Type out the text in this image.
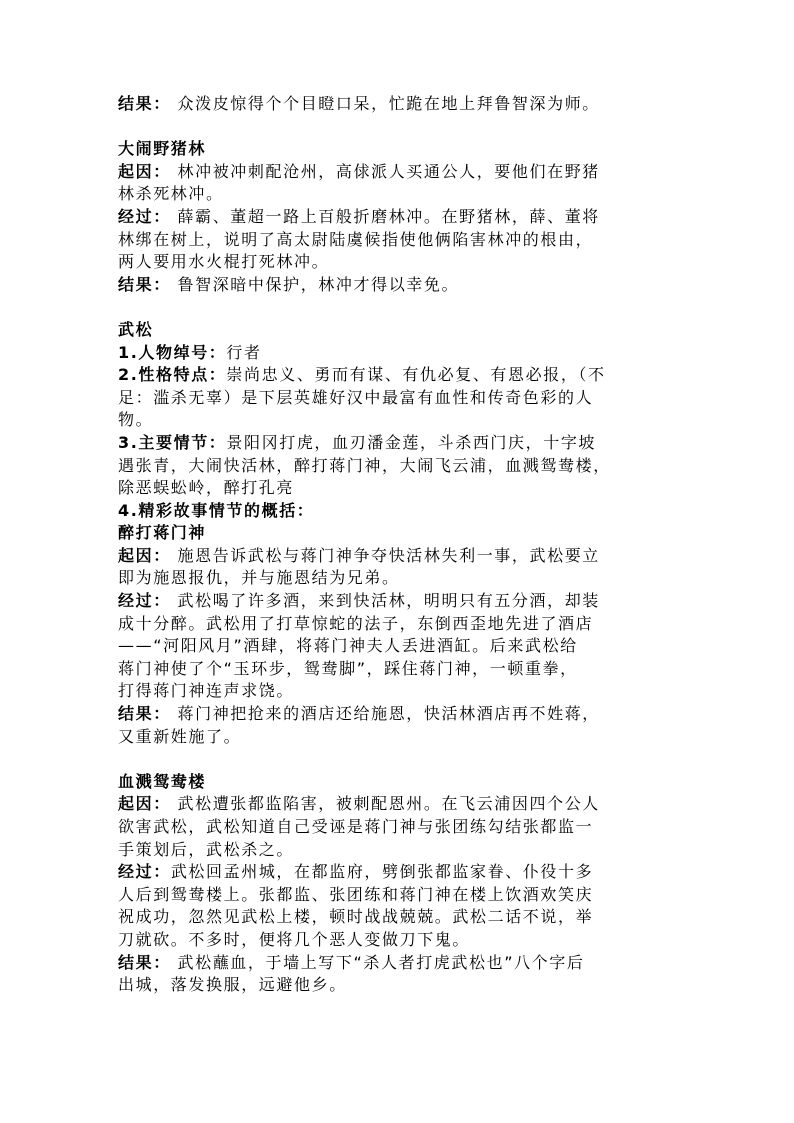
结果： 众泼皮惊得个个目瞪口呆，忙跪在地上拜鲁智深为师。
大闹野猪林
起因： 林冲被冲刺配沧州，高俅派人买通公人，要他们在野猪
林杀死林冲。
经过： 薛霸、董超一路上百般折磨林冲。在野猪林，薛、董将
林绑在树上，说明了高太尉陆虞候指使他俩陷害林冲的根由，
两人要用水火棍打死林冲。
结果： 鲁智深暗中保护，林冲才得以幸免。
武松
1.人物绰号：行者
2.性格特点：崇尚忠义、勇而有谋、有仇必复、有恩必报，（不
足：滥杀无辜）是下层英雄好汉中最富有血性和传奇色彩的人
物。
3.主要情节：景阳冈打虎，血刃潘金莲，斗杀西门庆，十字坡
遇张青，大闹快活林，醉打蒋门神，大闹飞云浦，血溅鸳鸯楼，
除恶蜈蚣岭，醉打孔亮
4.精彩故事情节的概括：
醉打蒋门神
起因： 施恩告诉武松与蒋门神争夺快活林失利一事，武松要立
即为施恩报仇，并与施恩结为兄弟。
经过： 武松喝了许多酒，来到快活林，明明只有五分酒，却装
成十分醉。武松用了打草惊蛇的法子，东倒西歪地先进了酒店
——“河阳风月”酒肆，将蒋门神夫人丢进酒缸。后来武松给
蒋门神使了个“玉环步，鸳鸯脚”，踩住蒋门神，一顿重拳，
打得蒋门神连声求饶。
结果： 蒋门神把抢来的酒店还给施恩，快活林酒店再不姓蒋，
又重新姓施了。
血溅鸳鸯楼
起因： 武松遭张都监陷害，被刺配恩州。在飞云浦因四个公人
欲害武松，武松知道自己受诬是蒋门神与张团练勾结张都监一
手策划后，武松杀之。
经过：武松回孟州城，在都监府，劈倒张都监家眷、仆役十多
人后到鸳鸯楼上。张都监、张团练和蒋门神在楼上饮酒欢笑庆
祝成功，忽然见武松上楼，顿时战战兢兢。武松二话不说，举
刀就砍。不多时，便将几个恶人变做刀下鬼。
结果： 武松蘸血，于墙上写下“杀人者打虎武松也”八个字后
出城，落发换服，远避他乡。
